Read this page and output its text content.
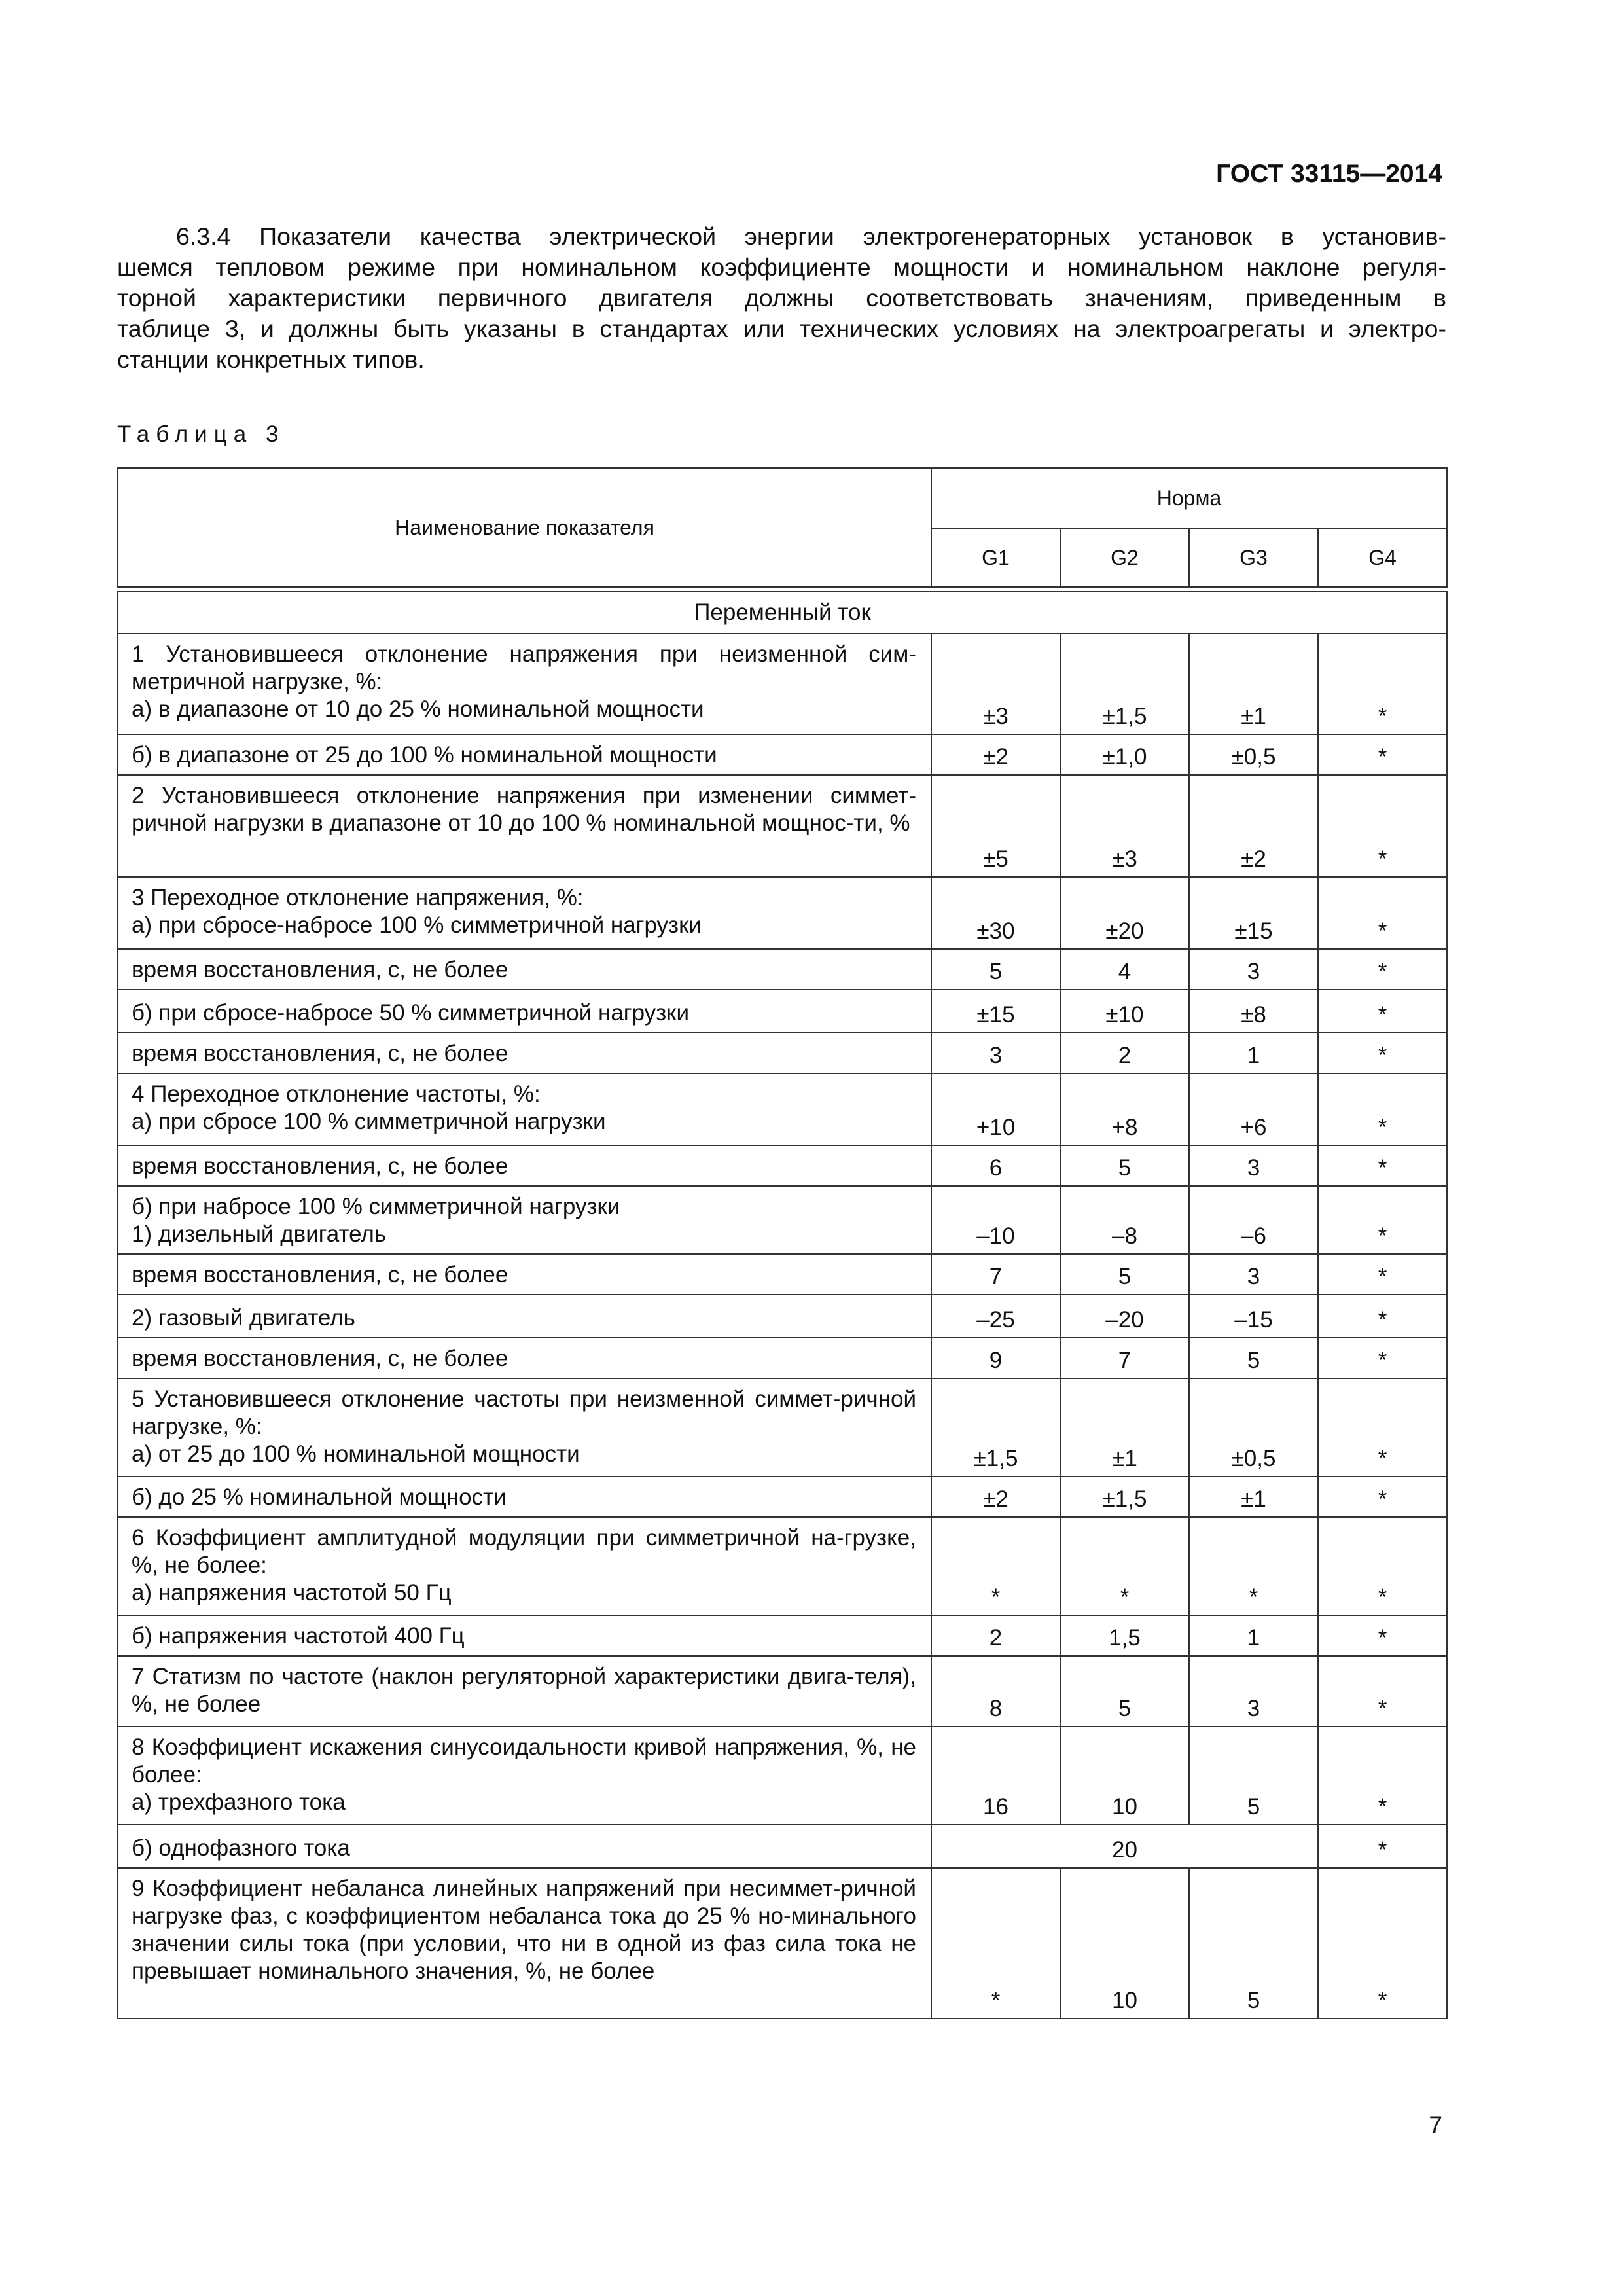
ГОСТ 33115—2014

6.3.4 Показатели качества электрической энергии электрогенераторных установок в установив-
шемся тепловом режиме при номинальном коэффициенте мощности и номинальном наклоне регуля-
торной характеристики первичного двигателя должны соответствовать значениям, приведенным в
таблице 3, и должны быть указаны в стандартах или технических условиях на электроагрегаты и электро-
станции конкретных типов.

Таблица 3
Наименование показателя	Норма			
	G1	G2	G3	G4

Переменный ток				
1 Установившееся отклонение напряжения при неизменной сим-метричной нагрузке, %:
а) в диапазоне от 10 до 25 % номинальной мощности	±3	±1,5	±1	*
б) в диапазоне от 25 до 100 % номинальной мощности	±2	±1,0	±0,5	*
2 Установившееся отклонение напряжения при изменении симмет-ричной нагрузки в диапазоне от 10 до 100 % номинальной мощнос-ти, %	±5	±3	±2	*
3 Переходное отклонение напряжения, %:
а) при сбросе-набросе 100 % симметричной нагрузки	±30	±20	±15	*
время восстановления, с, не более	5	4	3	*
б) при сбросе-набросе 50 % симметричной нагрузки	±15	±10	±8	*
время восстановления, с, не более	3	2	1	*
4 Переходное отклонение частоты, %:
а) при сбросе 100 % симметричной нагрузки	+10	+8	+6	*
время восстановления, с, не более	6	5	3	*
б) при набросе 100 % симметричной нагрузки
1) дизельный двигатель	–10	–8	–6	*
время восстановления, с, не более	7	5	3	*
2) газовый двигатель	–25	–20	–15	*
время восстановления, с, не более	9	7	5	*
5 Установившееся отклонение частоты при неизменной симмет-ричной нагрузке, %:
а) от 25 до 100 % номинальной мощности	±1,5	±1	±0,5	*
б) до 25 % номинальной мощности	±2	±1,5	±1	*
6 Коэффициент амплитудной модуляции при симметричной на-грузке, %, не более:
а) напряжения частотой 50 Гц	*	*	*	*
б) напряжения частотой 400 Гц	2	1,5	1	*
7 Статизм по частоте (наклон регуляторной характеристики двига-теля), %, не более	8	5	3	*
8 Коэффициент искажения синусоидальности кривой напряжения, %, не более:
а) трехфазного тока	16	10	5	*
б) однофазного тока	20			*
9 Коэффициент небаланса линейных напряжений при несиммет-ричной нагрузке фаз, с коэффициентом небаланса тока до 25 % но-минального значении силы тока (при условии, что ни в одной из фаз сила тока не превышает номинального значения, %, не более	*	10	5	*
7
